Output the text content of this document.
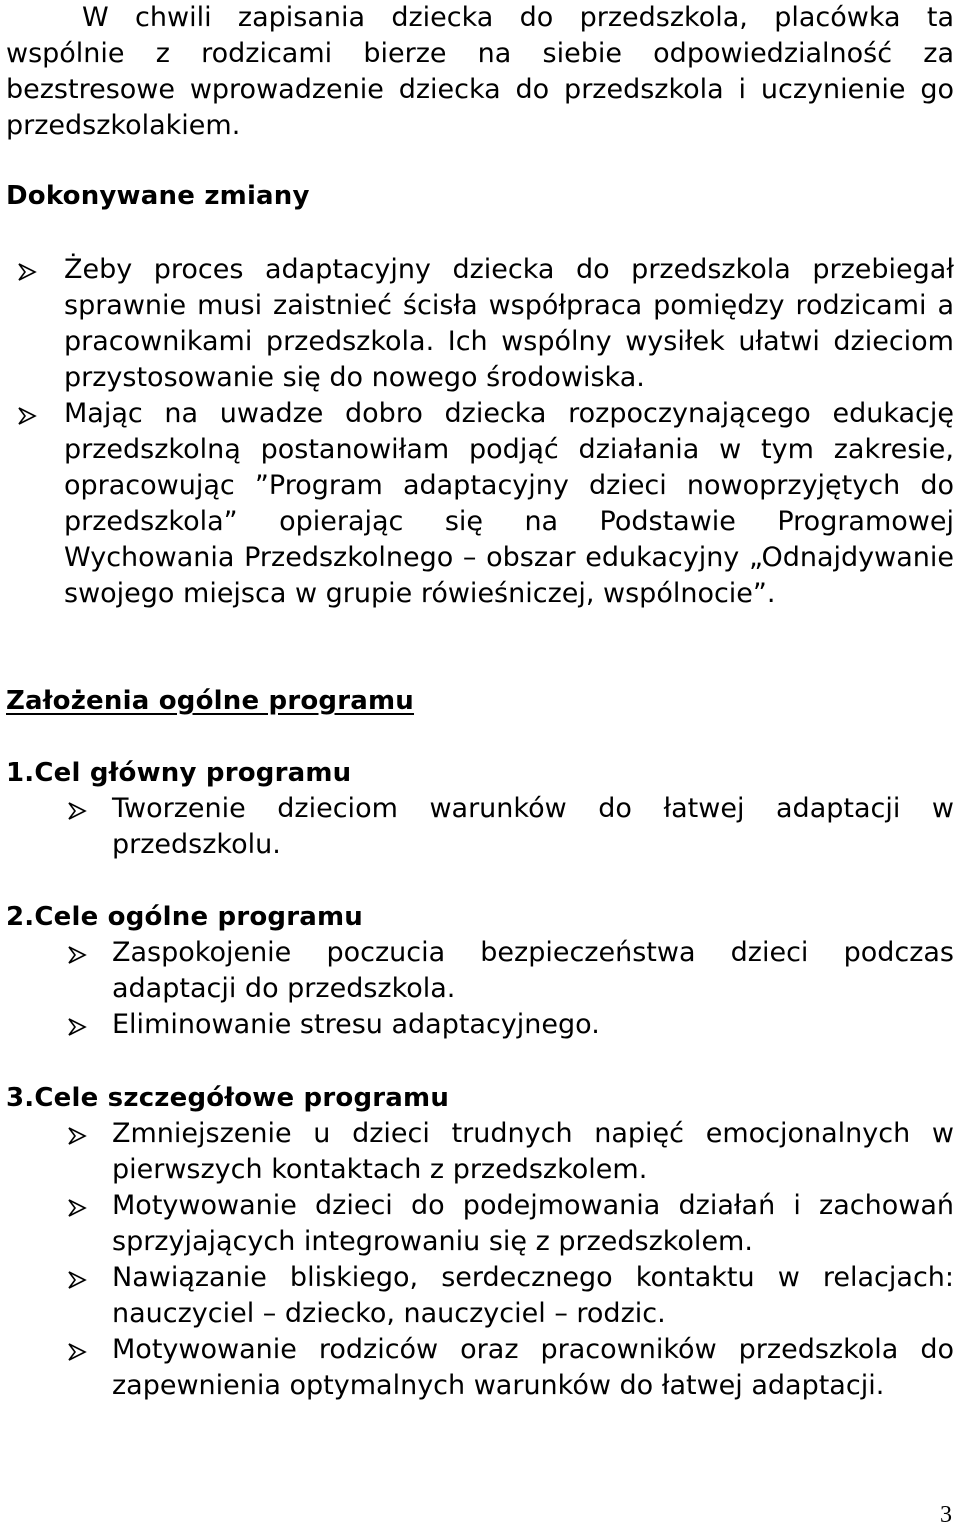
W chwili zapisania dziecka do przedszkola, placówka ta wspólnie z rodzicami bierze na siebie odpowiedzialność za bezstresowe wprowadzenie dziecka do przedszkola i uczynienie go przedszkolakiem.

Dokonywane zmiany
Żeby proces adaptacyjny dziecka do przedszkola przebiegał sprawnie musi zaistnieć ścisła współpraca pomiędzy rodzicami a pracownikami przedszkola. Ich wspólny wysiłek ułatwi dzieciom przystosowanie się do nowego środowiska.
Mając na uwadze dobro dziecka rozpoczynającego edukację przedszkolną postanowiłam podjąć działania w tym zakresie, opracowując ”Program adaptacyjny dzieci nowoprzyjętych do przedszkola” opierając się na Podstawie Programowej Wychowania Przedszkolnego – obszar edukacyjny „Odnajdywanie swojego miejsca w grupie rówieśniczej, wspólnocie”.
Założenia ogólne programu
1.Cel główny programu
Tworzenie dzieciom warunków do łatwej adaptacji w przedszkolu.
2.Cele ogólne programu
Zaspokojenie poczucia bezpieczeństwa dzieci podczas adaptacji do przedszkola.
Eliminowanie stresu adaptacyjnego.
3.Cele szczegółowe programu
Zmniejszenie u dzieci trudnych napięć emocjonalnych w pierwszych kontaktach z przedszkolem.
Motywowanie dzieci do podejmowania działań i zachowań sprzyjających integrowaniu się z przedszkolem.
Nawiązanie bliskiego, serdecznego kontaktu w relacjach: nauczyciel – dziecko, nauczyciel – rodzic.
Motywowanie rodziców oraz pracowników przedszkola do zapewnienia optymalnych warunków do łatwej adaptacji.
3
